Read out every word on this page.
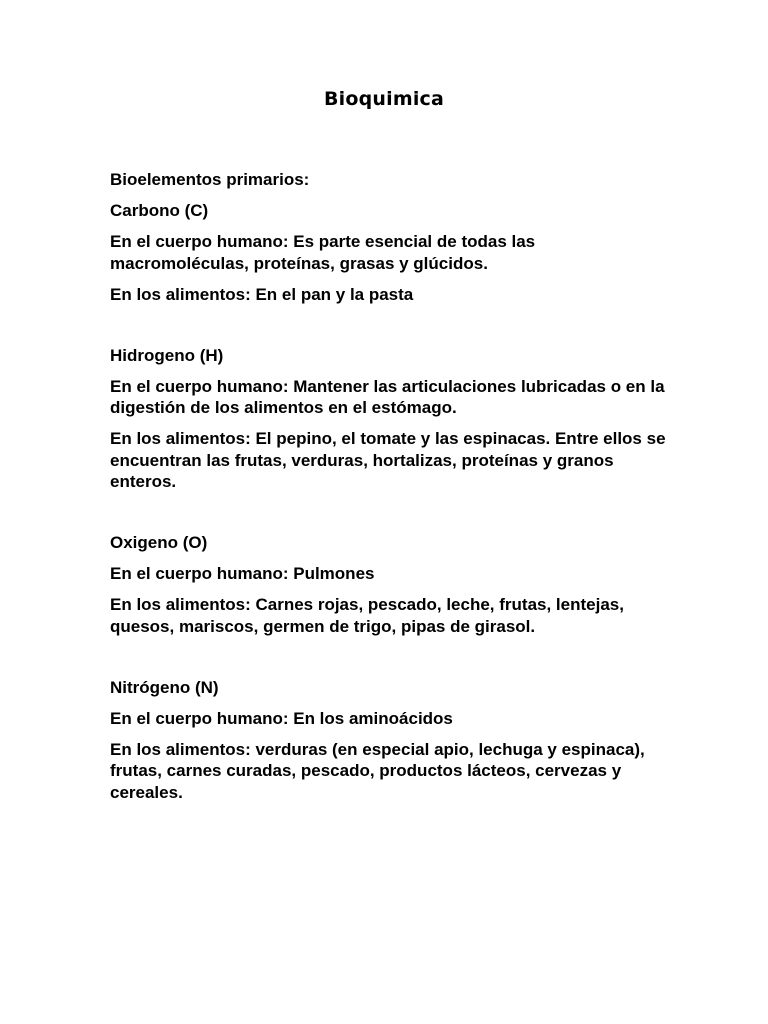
Bioquimica

Bioelementos primarios:

Carbono (C)

En el cuerpo humano: Es parte esencial de todas las macromoléculas, proteínas, grasas y glúcidos.

En los alimentos: En el pan y la pasta

Hidrogeno (H)

En el cuerpo humano: Mantener las articulaciones lubricadas o en la digestión de los alimentos en el estómago.

En los alimentos: El pepino, el tomate y las espinacas. Entre ellos se encuentran las frutas, verduras, hortalizas, proteínas y granos enteros.

Oxigeno (O)

En el cuerpo humano: Pulmones

En los alimentos: Carnes rojas, pescado, leche, frutas, lentejas, quesos, mariscos, germen de trigo, pipas de girasol.

Nitrógeno (N)

En el cuerpo humano: En los aminoácidos

En los alimentos: verduras (en especial apio, lechuga y espinaca), frutas, carnes curadas, pescado, productos lácteos, cervezas y cereales.
